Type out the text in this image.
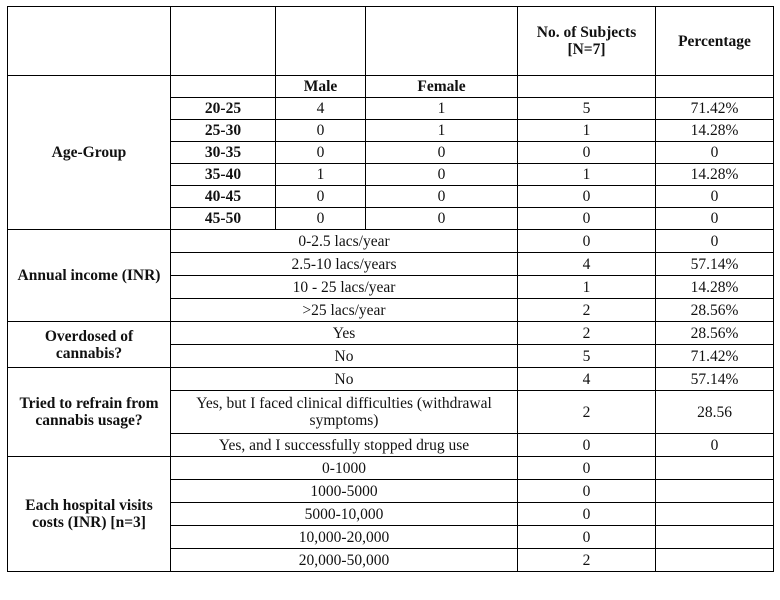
				No. of Subjects [N=7]	Percentage
Age-Group		Male	Female		
	20-25	4	1	5	71.42%
	25-30	0	1	1	14.28%
	30-35	0	0	0	0
	35-40	1	0	1	14.28%
	40-45	0	0	0	0
	45-50	0	0	0	0
Annual income (INR)	0-2.5 lacs/year			0	0
	2.5-10 lacs/years			4	57.14%
	10 - 25 lacs/year			1	14.28%
	>25 lacs/year			2	28.56%
Overdosed of cannabis?	Yes			2	28.56%
	No			5	71.42%
Tried to refrain from cannabis usage?	No			4	57.14%
	Yes, but I faced clinical difficulties (withdrawal symptoms)			2	28.56
	Yes, and I successfully stopped drug use			0	0
Each hospital visits costs (INR) [n=3]	0-1000			0	
	1000-5000			0	
	5000-10,000			0	
	10,000-20,000			0	
	20,000-50,000			2	
